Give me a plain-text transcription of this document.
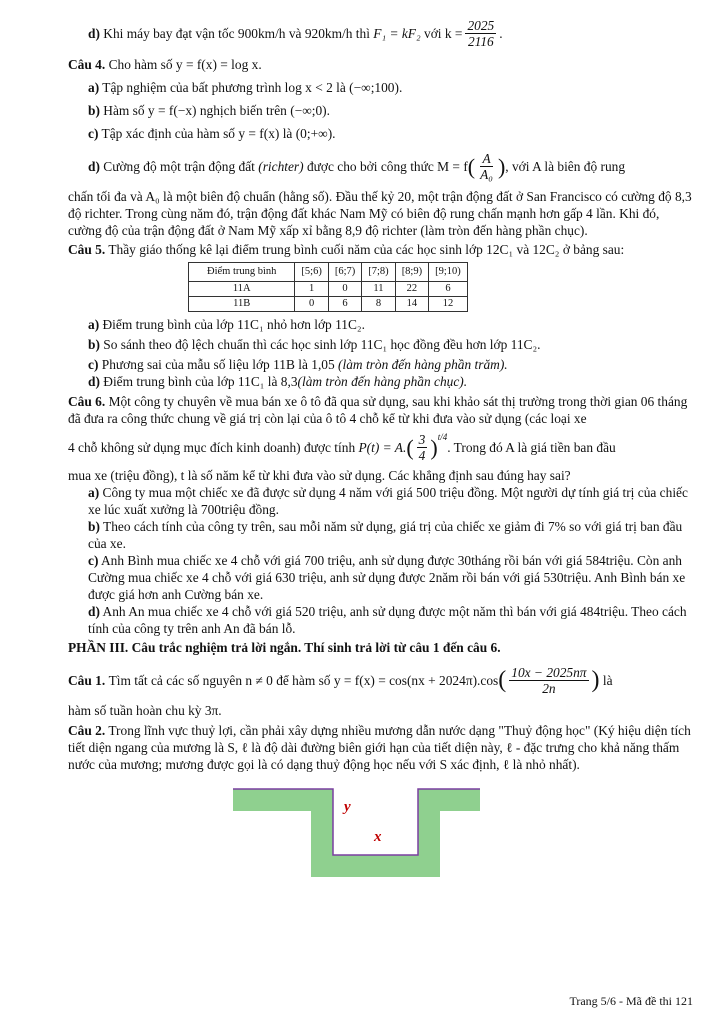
d)
Khi máy bay đạt vận tốc 900km/h và 920km/h thì
F₁ = kF₂
với $k = \frac{2025}{2116}$ .

Câu 4. Cho hàm số y = f(x) = log x.

a) Tập nghiệm của bất phương trình log x < 2 là (−∞;100).

b) Hàm số y = f(−x) nghịch biến trên (−∞;0).

c) Tập xác định của hàm số y = f(x) là (0;+∞).

d)
Cường độ một trận động đất
(richter)
được cho bởi công thức M = f ( $\frac{A}{\text{A₀}}$ ) , với A là biên độ rung

chấn tối đa và A₀ là một biên độ chuẩn (hằng số). Đầu thế kỷ 20, một trận động đất ở San Francisco có cường độ 8,3 độ richter. Trong cùng năm đó, trận động đất khác Nam Mỹ có biên độ rung chấn mạnh hơn gấp 4 lần. Khi đó, cường độ của trận động đất ở Nam Mỹ xấp xỉ bằng 8,9 độ richter (làm tròn đến hàng phần chục).

Câu 5. Thầy giáo thống kê lại điểm trung bình cuối năm của các học sinh lớp 12C₁ và 12C₂ ở bảng sau:

Điểm trung bình	[5;6)	[6;7)	[7;8)	[8;9)	[9;10)
11A	1	0	11	22	6
11B	0	6	8	14	12

a) Điểm trung bình của lớp 11C₁ nhỏ hơn lớp 11C₂.

b) So sánh theo độ lệch chuẩn thì các học sinh lớp 11C₁ học đồng đều hơn lớp 11C₂.

c) Phương sai của mẫu số liệu lớp 11B là 1,05 (làm tròn đến hàng phần trăm).

d) Điểm trung bình của lớp 11C₁ là 8,3(làm tròn đến hàng phần chục).

Câu 6. Một công ty chuyên về mua bán xe ô tô đã qua sử dụng, sau khi khảo sát thị trường trong thời gian 06 tháng đã đưa ra công thức chung về giá trị còn lại của ô tô 4 chỗ kể từ khi đưa vào sử dụng (các loại xe

4 chỗ không sử dụng mục đích kinh doanh) được tính
P(t) = A. ( $\frac{3}{4}$ ) t/4
. Trong đó A là giá tiền ban đầu

mua xe (triệu đồng), t là số năm kể từ khi đưa vào sử dụng. Các khẳng định sau đúng hay sai?

a) Công ty mua một chiếc xe đã được sử dụng 4 năm với giá 500 triệu đồng. Một người dự tính giá trị của chiếc xe lúc xuất xưởng là 700triệu đồng.

b) Theo cách tính của công ty trên, sau mỗi năm sử dụng, giá trị của chiếc xe giảm đi 7% so với giá trị ban đầu của xe.

c) Anh Bình mua chiếc xe 4 chỗ với giá 700 triệu, anh sử dụng được 30tháng rồi bán với giá 584triệu. Còn anh Cường mua chiếc xe 4 chỗ với giá 630 triệu, anh sử dụng được 2năm rồi bán với giá 530triệu. Anh Bình bán xe được giá hơn anh Cường bán xe.

d) Anh An mua chiếc xe 4 chỗ với giá 520 triệu, anh sử dụng được một năm thì bán với giá 484triệu. Theo cách tính của công ty trên anh An đã bán lỗ.

PHẦN III. Câu trắc nghiệm trả lời ngắn. Thí sinh trả lời từ câu 1 đến câu 6.

Câu 1.
Tìm tất cả các số nguyên n ≠ 0 để hàm số y = f(x) = cos(nx + 2024π).cos ( $\frac{10x - 2025n\pi}{2n}$ )
là

hàm số tuần hoàn chu kỳ 3π.

Câu 2. Trong lĩnh vực thuỷ lợi, cần phải xây dựng nhiều mương dẫn nước dạng "Thuỷ động học" (Ký hiệu diện tích tiết diện ngang của mương là S, ℓ là độ dài đường biên giới hạn của tiết diện này, ℓ - đặc trưng cho khả năng thấm nước của mương; mương được gọi là có dạng thuỷ động học nếu với S xác định, ℓ là nhỏ nhất).

y
x
Trang 5/6 - Mã đề thi 121
